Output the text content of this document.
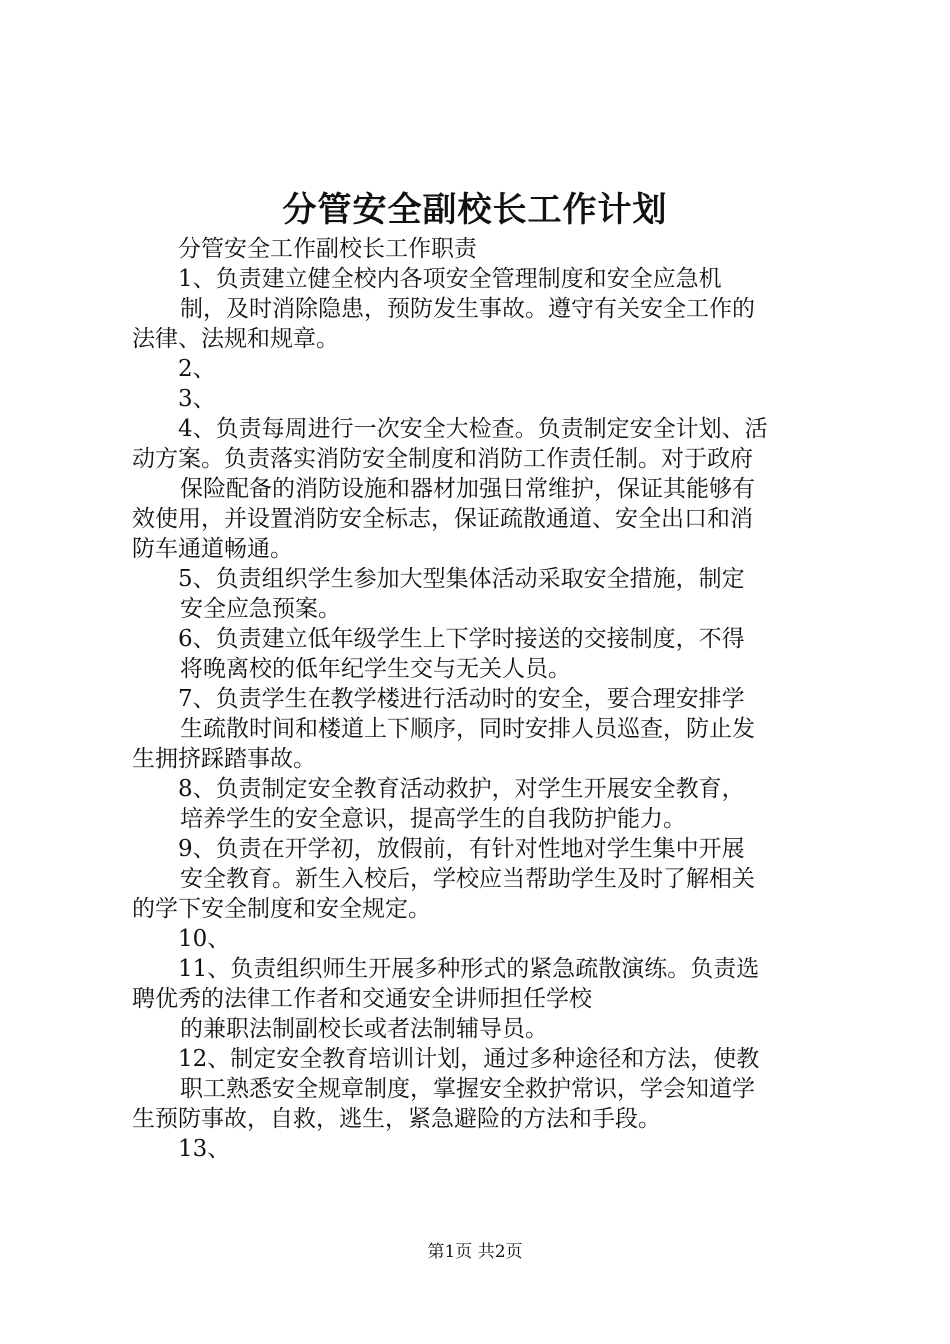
分管安全副校长工作计划
分管安全工作副校长工作职责
1、负责建立健全校内各项安全管理制度和安全应急机
制，及时消除隐患，预防发生事故。遵守有关安全工作的
法律、法规和规章。
2、
3、
4、负责每周进行一次安全大检查。负责制定安全计划、活
动方案。负责落实消防安全制度和消防工作责任制。对于政府
保险配备的消防设施和器材加强日常维护，保证其能够有
效使用，并设置消防安全标志，保证疏散通道、安全出口和消
防车通道畅通。
5、负责组织学生参加大型集体活动采取安全措施，制定
安全应急预案。
6、负责建立低年级学生上下学时接送的交接制度，不得
将晚离校的低年纪学生交与无关人员。
7、负责学生在教学楼进行活动时的安全，要合理安排学
生疏散时间和楼道上下顺序，同时安排人员巡查，防止发
生拥挤踩踏事故。
8、负责制定安全教育活动救护，对学生开展安全教育，
培养学生的安全意识，提高学生的自我防护能力。
9、负责在开学初，放假前，有针对性地对学生集中开展
安全教育。新生入校后，学校应当帮助学生及时了解相关
的学下安全制度和安全规定。
10、
11、负责组织师生开展多种形式的紧急疏散演练。负责选
聘优秀的法律工作者和交通安全讲师担任学校
的兼职法制副校长或者法制辅导员。
12、制定安全教育培训计划，通过多种途径和方法，使教
职工熟悉安全规章制度，掌握安全救护常识，学会知道学
生预防事故，自救，逃生，紧急避险的方法和手段。
13、
第1页 共2页
